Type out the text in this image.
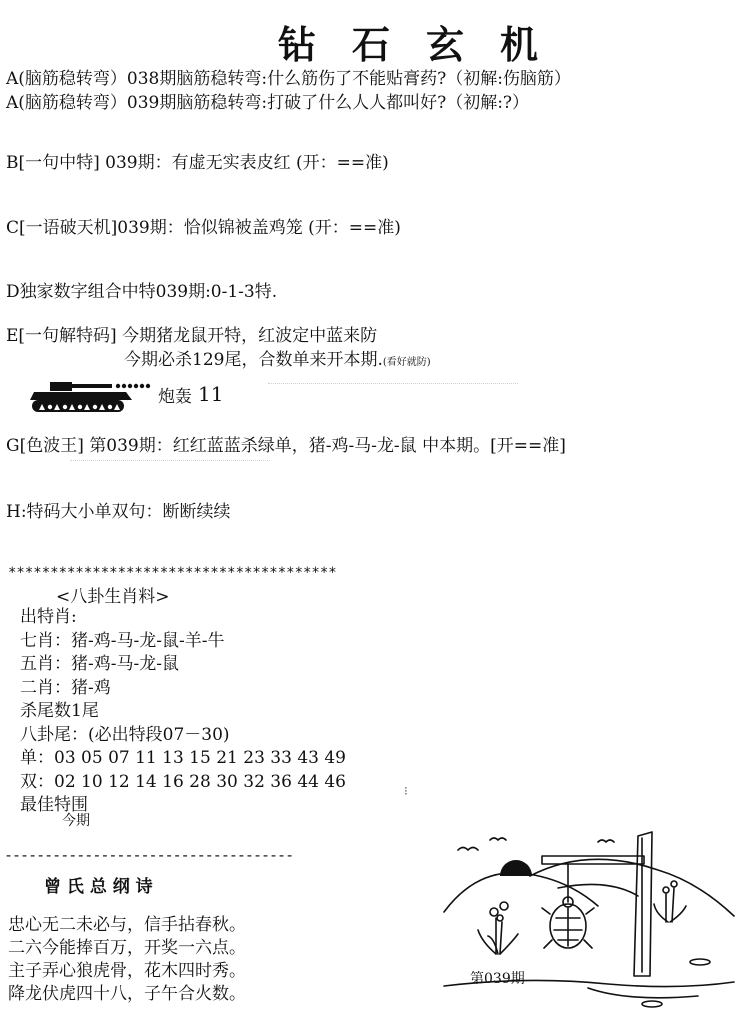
钻石玄机
A(脑筋稳转弯）038期脑筋稳转弯:什么筋伤了不能贴膏药?（初解:伤脑筋）
A(脑筋稳转弯）039期脑筋稳转弯:打破了什么人人都叫好?（初解:?）
B[一句中特] 039期：有虚无实表皮红 (开：==准)
C[一语破天机]039期：恰似锦被盖鸡笼 (开：==准)
D独家数字组合中特039期:0-1-3特.
E[一句解特码] 今期猪龙鼠开特，红波定中蓝来防
今期必杀129尾，合数单来开本期.(看好就防)
炮轰 11
G[色波王] 第039期：红红蓝蓝杀绿单，猪-鸡-马-龙-鼠 中本期。[开==准]
H:特码大小单双句：断断续续
***************************************
<八卦生肖料>
出特肖:
七肖：猪-鸡-马-龙-鼠-羊-牛
五肖：猪-鸡-马-龙-鼠
二肖：猪-鸡
杀尾数1尾
八卦尾：(必出特段07－30)
单：03 05 07 11 13 15 21 23 33 43 49
双：02 10 12 14 16 28 30 32 36 44 46
最佳特围
今期
⁝
------------------------------------
曾 氏 总 纲 诗
忠心无二未必与，信手拈春秋。
二六今能捧百万，开奖一六点。
主子弄心狼虎骨，花木四时秀。
降龙伏虎四十八，子午合火数。
第039期
